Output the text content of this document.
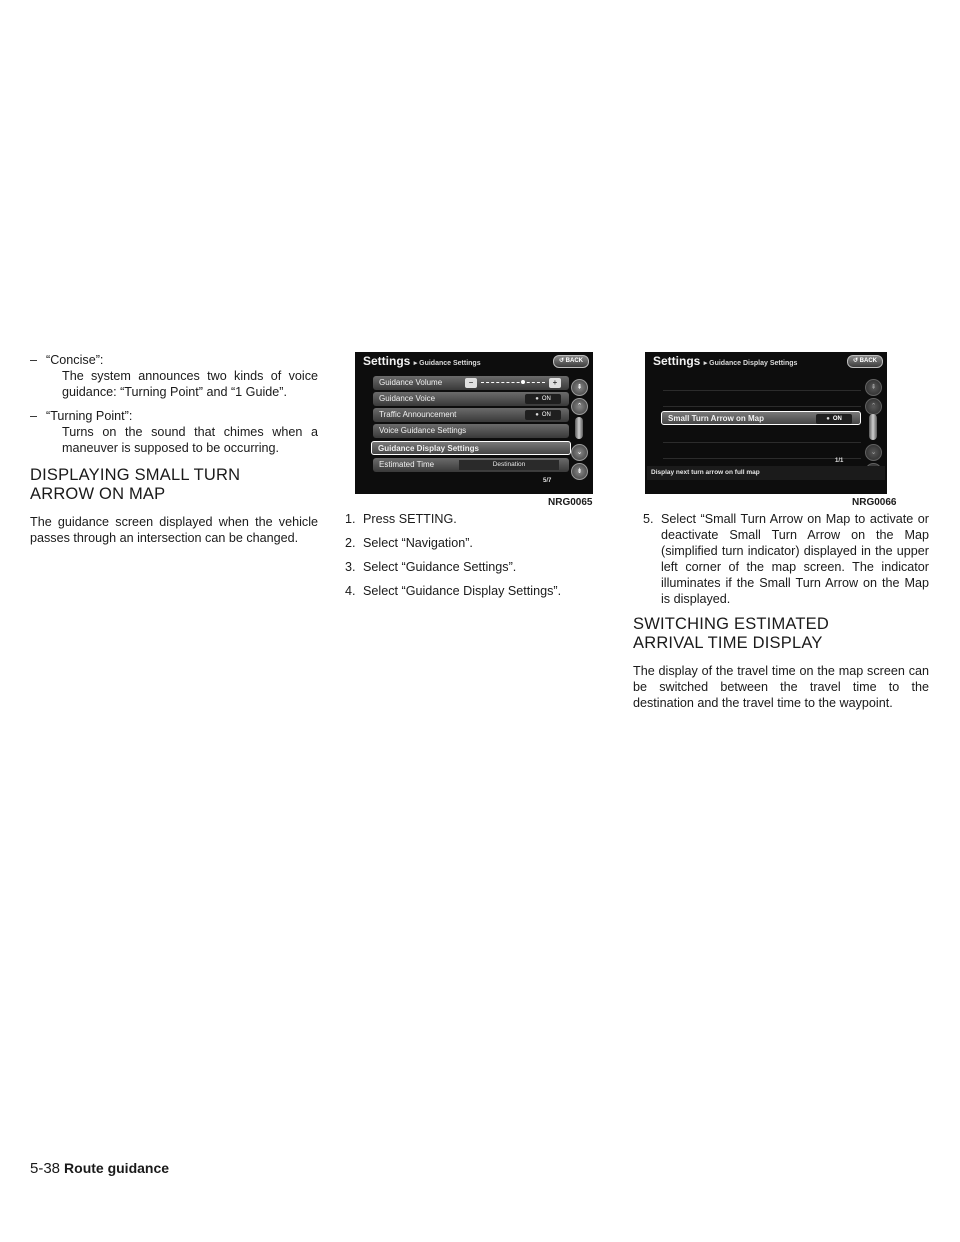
– “Concise”:
The system announces two kinds of voice guidance: “Turning Point” and “1 Guide”.

– “Turning Point”:
Turns on the sound that chimes when a maneuver is supposed to be occurring.

DISPLAYING SMALL TURN ARROW ON MAP

The guidance screen displayed when the vehicle passes through an intersection can be changed.

Settings ▸ Guidance Settings	↺ BACK
Guidance Volume	−	+
Guidance Voice	● ON
Traffic Announcement	● ON
Voice Guidance Settings
Guidance Display Settings
Estimated Time	Destination
⇞
⌃
⌄
⇟
5/7
NRG0065
Settings ▸ Guidance Display Settings	↺ BACK
Small Turn Arrow on Map	● ON
⇞
⌃
⌄
1/1
Display next turn arrow on full map
NRG0066

1. Press SETTING.

2. Select “Navigation”.

3. Select “Guidance Settings”.

4. Select “Guidance Display Settings”.

5. Select “Small Turn Arrow on Map to activate or deactivate Small Turn Arrow on the Map (simplified turn indicator) displayed in the upper left corner of the map screen. The indicator illuminates if the Small Turn Arrow on the Map is displayed.

SWITCHING ESTIMATED ARRIVAL TIME DISPLAY

The display of the travel time on the map screen can be switched between the travel time to the destination and the travel time to the waypoint.

5-38 Route guidance
